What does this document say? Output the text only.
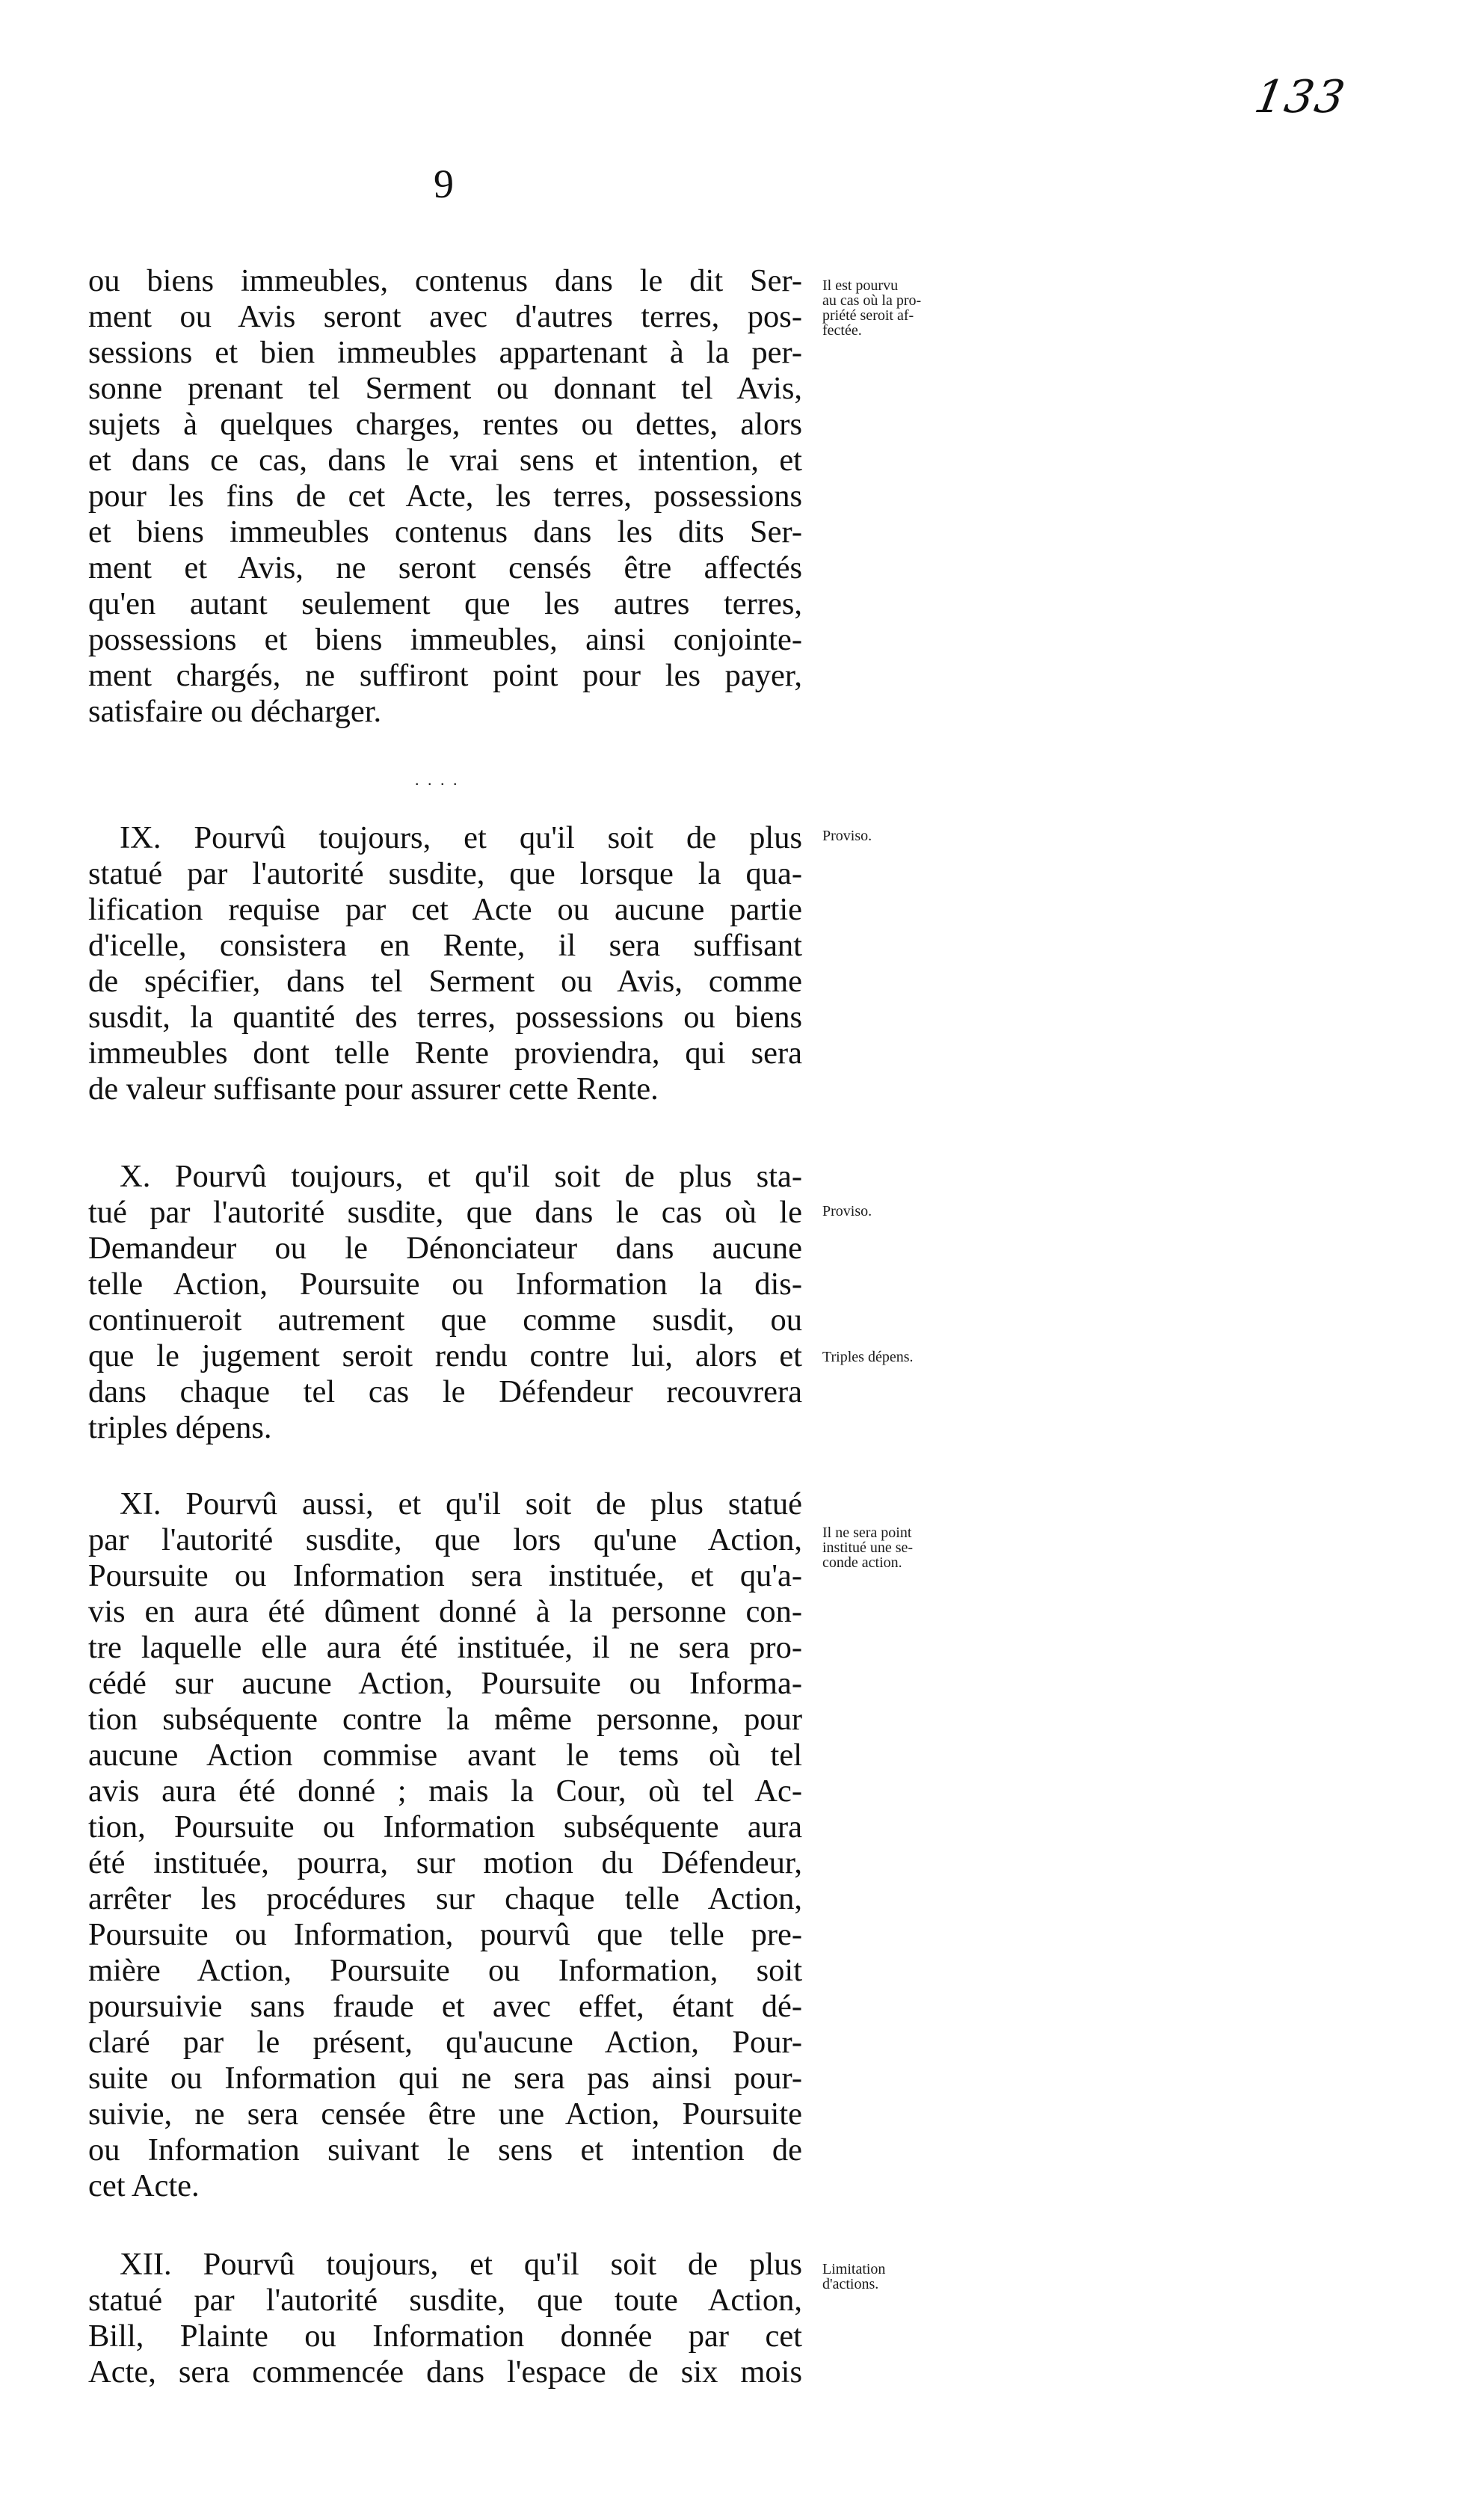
133
9

ou biens immeubles, contenus dans le dit Ser-

ment ou Avis seront avec d'autres terres, pos-

sessions et bien immeubles appartenant à la per-

sonne prenant tel Serment ou donnant tel Avis,

sujets à quelques charges, rentes ou dettes, alors

et dans ce cas, dans le vrai sens et intention, et

pour les fins de cet Acte, les terres, possessions

et biens immeubles contenus dans les dits Ser-

ment et Avis, ne seront censés être affectés

qu'en autant seulement que les autres terres,

possessions et biens immeubles, ainsi conjointe-

ment chargés, ne suffiront point pour les payer,

satisfaire ou décharger.

Il est pourvu
au cas où la pro-
priété seroit af-
fectée.
. . . .

IX. Pourvû toujours, et qu'il soit de plus

statué par l'autorité susdite, que lorsque la qua-

lification requise par cet Acte ou aucune partie

d'icelle, consistera en Rente, il sera suffisant

de spécifier, dans tel Serment ou Avis, comme

susdit, la quantité des terres, possessions ou biens

immeubles dont telle Rente proviendra, qui sera

de valeur suffisante pour assurer cette Rente.

Proviso.

X. Pourvû toujours, et qu'il soit de plus sta-

tué par l'autorité susdite, que dans le cas où le

Demandeur ou le Dénonciateur dans aucune

telle Action, Poursuite ou Information la dis-

continueroit autrement que comme susdit, ou

que le jugement seroit rendu contre lui, alors et

dans chaque tel cas le Défendeur recouvrera

triples dépens.

Proviso.
Triples dépens.

XI. Pourvû aussi, et qu'il soit de plus statué

par l'autorité susdite, que lors qu'une Action,

Poursuite ou Information sera instituée, et qu'a-

vis en aura été dûment donné à la personne con-

tre laquelle elle aura été instituée, il ne sera pro-

cédé sur aucune Action, Poursuite ou Informa-

tion subséquente contre la même personne, pour

aucune Action commise avant le tems où tel

avis aura été donné ; mais la Cour, où tel Ac-

tion, Poursuite ou Information subséquente aura

été instituée, pourra, sur motion du Défendeur,

arrêter les procédures sur chaque telle Action,

Poursuite ou Information, pourvû que telle pre-

mière Action, Poursuite ou Information, soit

poursuivie sans fraude et avec effet, étant dé-

claré par le présent, qu'aucune Action, Pour-

suite ou Information qui ne sera pas ainsi pour-

suivie, ne sera censée être une Action, Poursuite

ou Information suivant le sens et intention de

cet Acte.

Il ne sera point
institué une se-
conde action.

XII. Pourvû toujours, et qu'il soit de plus

statué par l'autorité susdite, que toute Action,

Bill, Plainte ou Information donnée par cet

Acte, sera commencée dans l'espace de six mois

Limitation
d'actions.
